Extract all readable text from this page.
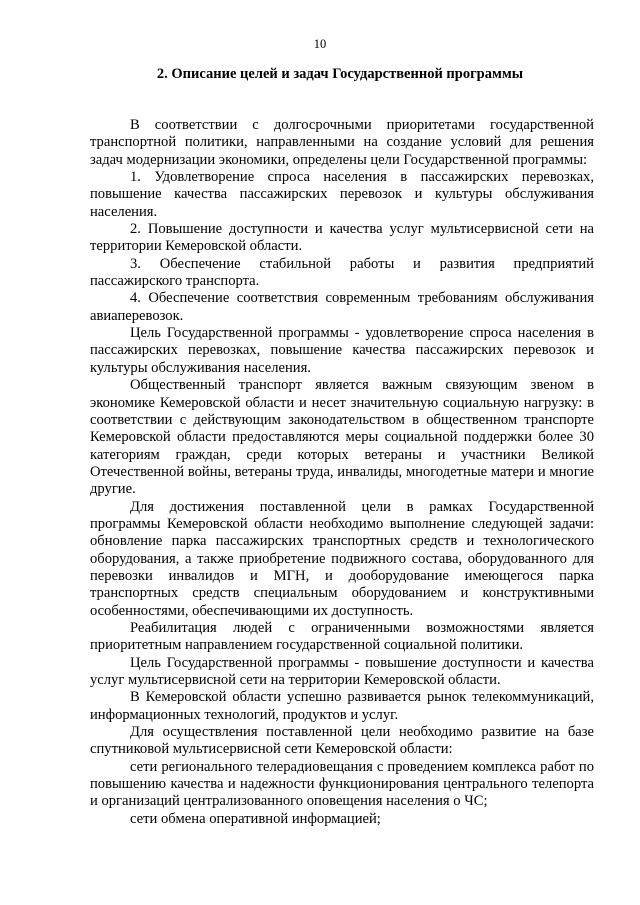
10
2. Описание целей и задач Государственной программы

В соответствии с долгосрочными приоритетами государственной транспортной политики, направленными на создание условий для решения задач модернизации экономики, определены цели Государственной программы:

1. Удовлетворение спроса населения в пассажирских перевозках, повышение качества пассажирских перевозок и культуры обслуживания населения.

2. Повышение доступности и качества услуг мультисервисной сети на территории Кемеровской области.

3. Обеспечение стабильной работы и развития предприятий пассажирского транспорта.

4. Обеспечение соответствия современным требованиям обслуживания авиаперевозок.

Цель Государственной программы - удовлетворение спроса населения в пассажирских перевозках, повышение качества пассажирских перевозок и культуры обслуживания населения.

Общественный транспорт является важным связующим звеном в экономике Кемеровской области и несет значительную социальную нагрузку: в соответствии с действующим законодательством в общественном транспорте Кемеровской области предоставляются меры социальной поддержки более 30 категориям граждан, среди которых ветераны и участники Великой Отечественной войны, ветераны труда, инвалиды, многодетные матери и многие другие.

Для достижения поставленной цели в рамках Государственной программы Кемеровской области необходимо выполнение следующей задачи: обновление парка пассажирских транспортных средств и технологического оборудования, а также приобретение подвижного состава, оборудованного для перевозки инвалидов и МГН, и дооборудование имеющегося парка транспортных средств специальным оборудованием и конструктивными особенностями, обеспечивающими их доступность.

Реабилитация людей с ограниченными возможностями является приоритетным направлением государственной социальной политики.

Цель Государственной программы - повышение доступности и качества услуг мультисервисной сети на территории Кемеровской области.

В Кемеровской области успешно развивается рынок телекоммуникаций, информационных технологий, продуктов и услуг.

Для осуществления поставленной цели необходимо развитие на базе спутниковой мультисервисной сети Кемеровской области:

сети регионального телерадиовещания с проведением комплекса работ по повышению качества и надежности функционирования центрального телепорта и организаций централизованного оповещения населения о ЧС;

сети обмена оперативной информацией;
